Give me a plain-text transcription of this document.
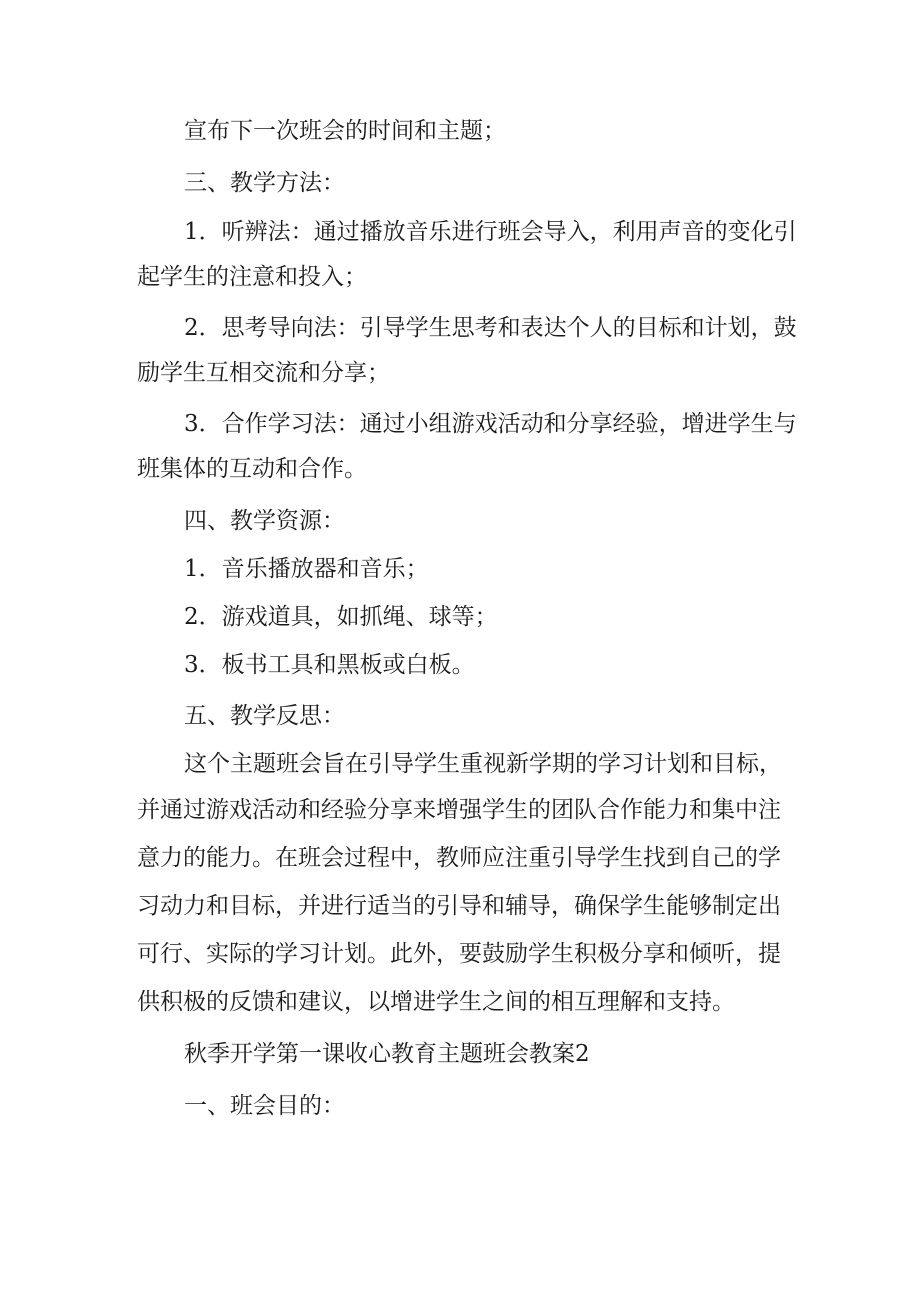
宣布下一次班会的时间和主题；

三、教学方法：

1．听辨法：通过播放音乐进行班会导入，利用声音的变化引

起学生的注意和投入；

2．思考导向法：引导学生思考和表达个人的目标和计划，鼓

励学生互相交流和分享；

3．合作学习法：通过小组游戏活动和分享经验，增进学生与

班集体的互动和合作。

四、教学资源：

1．音乐播放器和音乐；

2．游戏道具，如抓绳、球等；

3．板书工具和黑板或白板。

五、教学反思：

这个主题班会旨在引导学生重视新学期的学习计划和目标，

并通过游戏活动和经验分享来增强学生的团队合作能力和集中注

意力的能力。在班会过程中，教师应注重引导学生找到自己的学

习动力和目标，并进行适当的引导和辅导，确保学生能够制定出

可行、实际的学习计划。此外，要鼓励学生积极分享和倾听，提

供积极的反馈和建议，以增进学生之间的相互理解和支持。

秋季开学第一课收心教育主题班会教案2

一、班会目的：
